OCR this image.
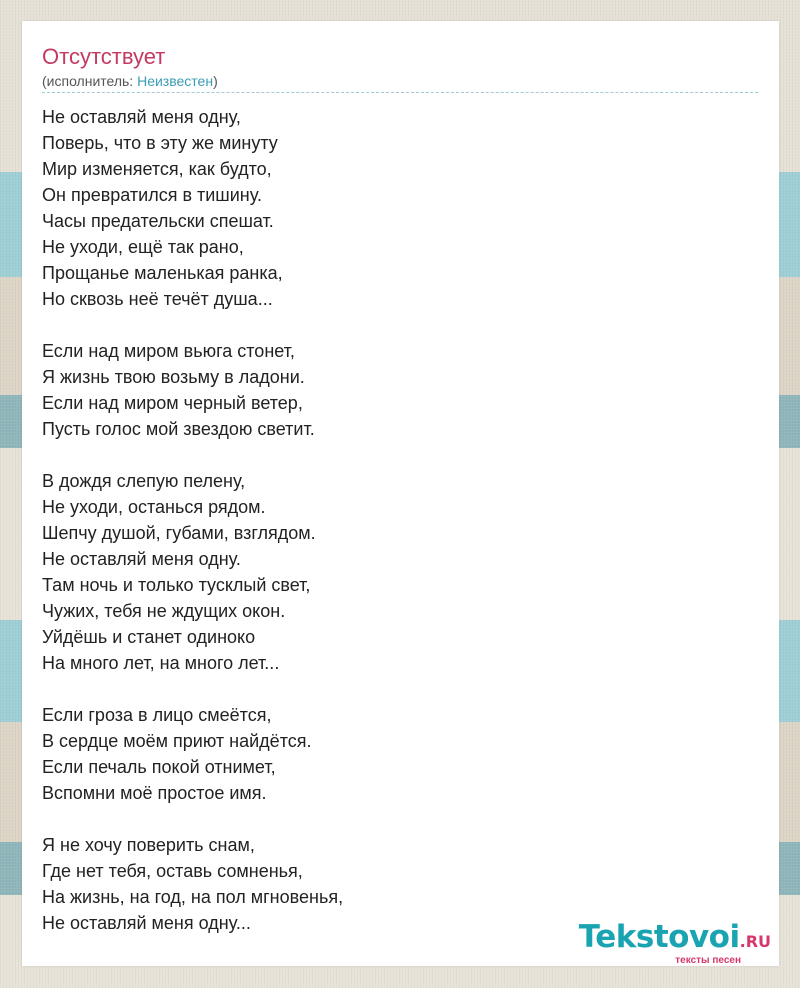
Отсутствует
(исполнитель: Неизвестен)
Не оставляй меня одну,
Поверь, что в эту же минуту
Мир изменяется, как будто,
Он превратился в тишину.
Часы предательски спешат.
Не уходи, ещё так рано,
Прощанье маленькая ранка,
Но сквозь неё течёт душа...
Если над миром вьюга стонет,
Я жизнь твою возьму в ладони.
Если над миром черный ветер,
Пусть голос мой звездою светит.
В дождя слепую пелену,
Не уходи, останься рядом.
Шепчу душой, губами, взглядом.
Не оставляй меня одну.
Там ночь и только тусклый свет,
Чужих, тебя не ждущих окон.
Уйдёшь и станет одиноко
На много лет, на много лет...
Если гроза в лицо смеётся,
В сердце моём приют найдётся.
Если печаль покой отнимет,
Вспомни моё простое имя.
Я не хочу поверить снам,
Где нет тебя, оставь сомненья,
На жизнь, на год, на пол мгновенья,
Не оставляй меня одну...	Tekstovoi.RU
тексты песен
